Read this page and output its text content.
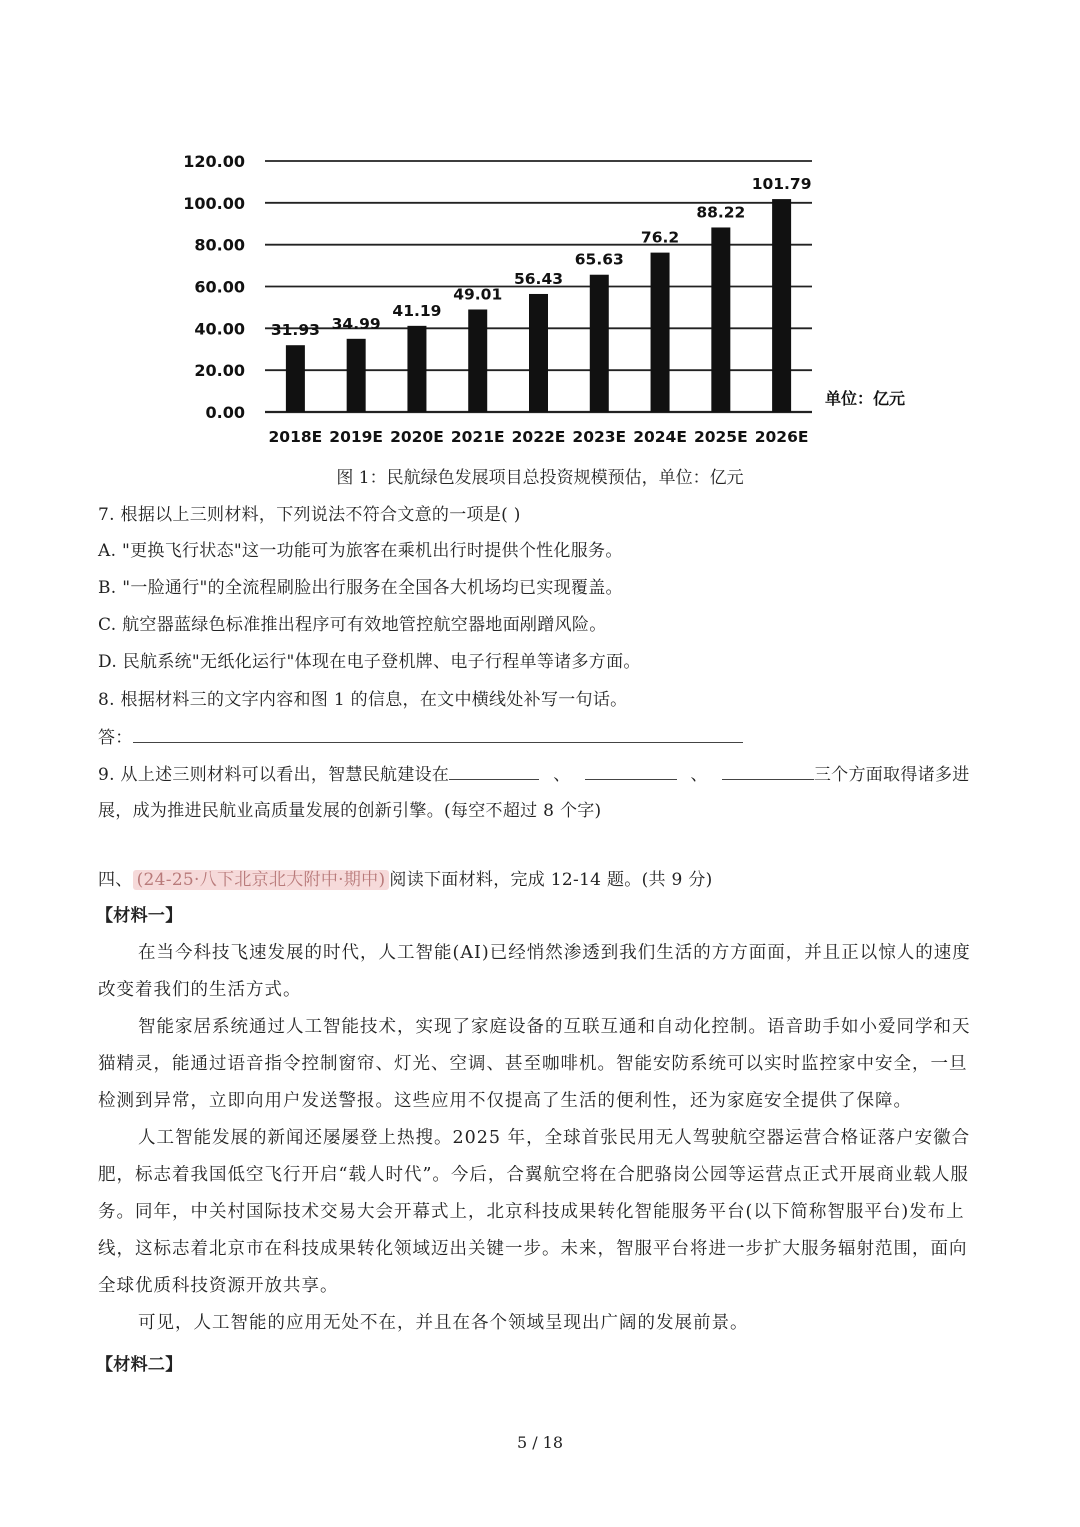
0.00
20.00
40.00
60.00
80.00
100.00
120.00
31.93
2018E
34.99
2019E
41.19
2020E
49.01
2021E
56.43
2022E
65.63
2023E
76.2
2024E
88.22
2025E
101.79
2026E
单位：亿元
图 1：民航绿色发展项目总投资规模预估，单位：亿元
7. 根据以上三则材料，下列说法不符合文意的一项是( )
A. "更换飞行状态"这一功能可为旅客在乘机出行时提供个性化服务。
B. "一脸通行"的全流程刷脸出行服务在全国各大机场均已实现覆盖。
C. 航空器蓝绿色标准推出程序可有效地管控航空器地面剐蹭风险。
D. 民航系统"无纸化运行"体现在电子登机牌、电子行程单等诸多方面。
8. 根据材料三的文字内容和图 1 的信息，在文中横线处补写一句话。
答：
9. 从上述三则材料可以看出，智慧民航建设在	、	、	三个方面取得诸多进
展，成为推进民航业高质量发展的创新引擎。(每空不超过 8 个字)
四、 (24-25·八下北京北大附中·期中) 阅读下面材料，完成 12-14 题。(共 9 分)
【材料一】
在当今科技飞速发展的时代，人工智能(AI)已经悄然渗透到我们生活的方方面面，并且正以惊人的速度改变着我们的生活方式。
智能家居系统通过人工智能技术，实现了家庭设备的互联互通和自动化控制。语音助手如小爱同学和天猫精灵，能通过语音指令控制窗帘、灯光、空调、甚至咖啡机。智能安防系统可以实时监控家中安全，一旦检测到异常，立即向用户发送警报。这些应用不仅提高了生活的便利性，还为家庭安全提供了保障。
人工智能发展的新闻还屡屡登上热搜。2025 年，全球首张民用无人驾驶航空器运营合格证落户安徽合肥，标志着我国低空飞行开启“载人时代”。今后，合翼航空将在合肥骆岗公园等运营点正式开展商业载人服务。同年，中关村国际技术交易大会开幕式上，北京科技成果转化智能服务平台(以下简称智服平台)发布上线，这标志着北京市在科技成果转化领域迈出关键一步。未来，智服平台将进一步扩大服务辐射范围，面向全球优质科技资源开放共享。
可见，人工智能的应用无处不在，并且在各个领域呈现出广阔的发展前景。
【材料二】
5 / 18
